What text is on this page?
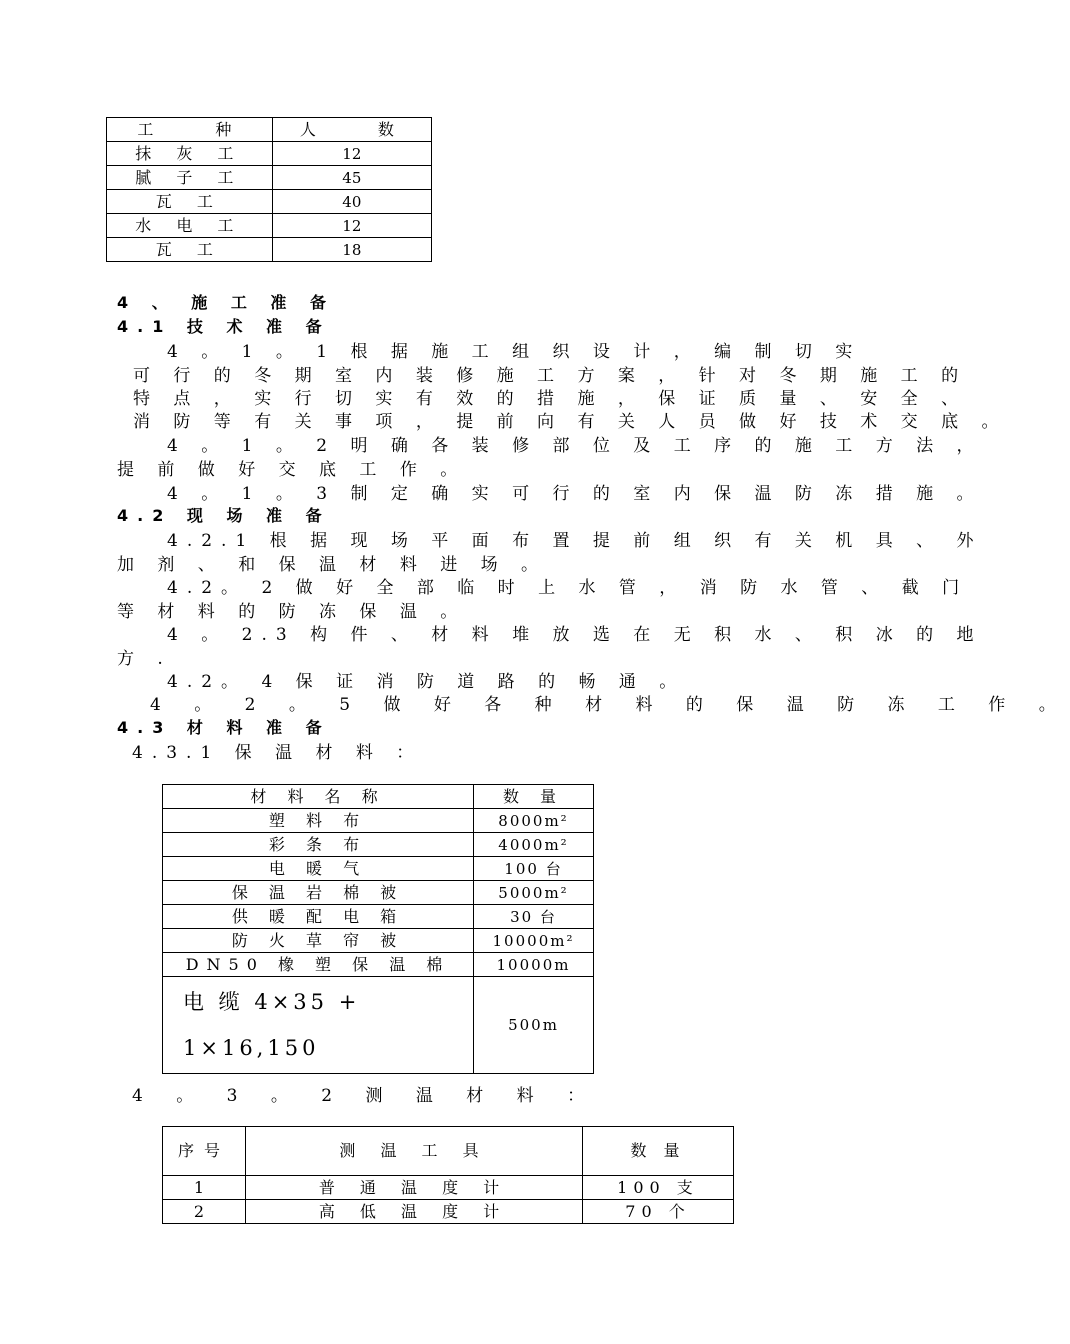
工　　种	人　　数
抹 灰 工	12
腻 子 工	45
瓦 工	40
水 电 工	12
瓦 工	18
4 、 施 工 准 备
4.1 技 术 准 备
4 。 1 。 1 根 据 施 工 组 织 设 计 ， 编 制 切 实
可 行 的 冬 期 室 内 装 修 施 工 方 案 ， 针 对 冬 期 施 工 的
特 点 ， 实 行 切 实 有 效 的 措 施 ， 保 证 质 量 、 安 全 、
消 防 等 有 关 事 项 ， 提 前 向 有 关 人 员 做 好 技 术 交 底 。
4 。 1 。 2 明 确 各 装 修 部 位 及 工 序 的 施 工 方 法 ，
提 前 做 好 交 底 工 作 。
4 。 1 。 3 制 定 确 实 可 行 的 室 内 保 温 防 冻 措 施 。
4.2 现 场 准 备
4.2.1 根 据 现 场 平 面 布 置 提 前 组 织 有 关 机 具 、 外
加 剂 、 和 保 温 材 料 进 场 。
4.2。 2 做 好 全 部 临 时 上 水 管 ， 消 防 水 管 、 截 门
等 材 料 的 防 冻 保 温 。
4 。 2.3 构 件 、 材 料 堆 放 选 在 无 积 水 、 积 冰 的 地
方 .
4.2。 4 保 证 消 防 道 路 的 畅 通 。
4 。 2 。 5 做 好 各 种 材 料 的 保 温 防 冻 工 作 。
4.3 材 料 准 备
4.3.1 保 温 材 料 ：
材 料 名 称	数 量
塑 料 布	8000m²
彩 条 布	4000m²
电 暖 气	100 台
保 温 岩 棉 被	5000m²
供 暖 配 电 箱	30 台
防 火 草 帘 被	10000m²
DN50 橡 塑 保 温 棉	10000m
电 缆 4×35 + 1×16,150	500m
4 。 3 。 2 测 温 材 料 ：
序号	测 温 工 具	数 量
1	普 通 温 度 计	100 支
2	高 低 温 度 计	70 个
